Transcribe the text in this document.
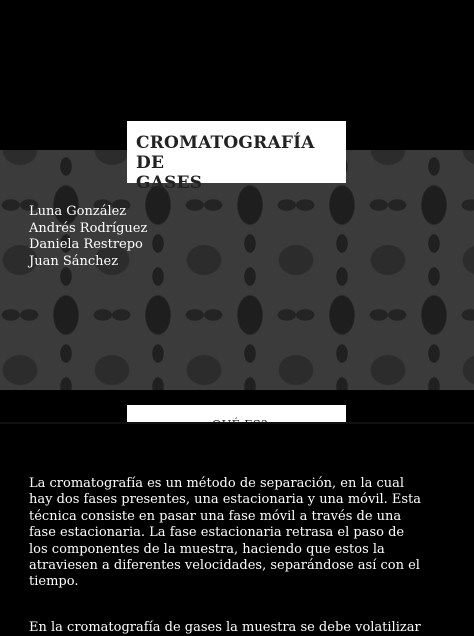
CROMATOGRAFÍA DE
GASES
Luna González
Andrés Rodríguez
Daniela Restrepo
Juan Sánchez
La cromatografía es un método de separación, en la cual
hay dos fases presentes, una estacionaria y una móvil. Esta
técnica consiste en pasar una fase móvil a través de una
fase estacionaria. La fase estacionaria retrasa el paso de
los componentes de la muestra, haciendo que estos la
atraviesen a diferentes velocidades, separándose así con el
tiempo.
En la cromatografía de gases la muestra se debe volatilizar
